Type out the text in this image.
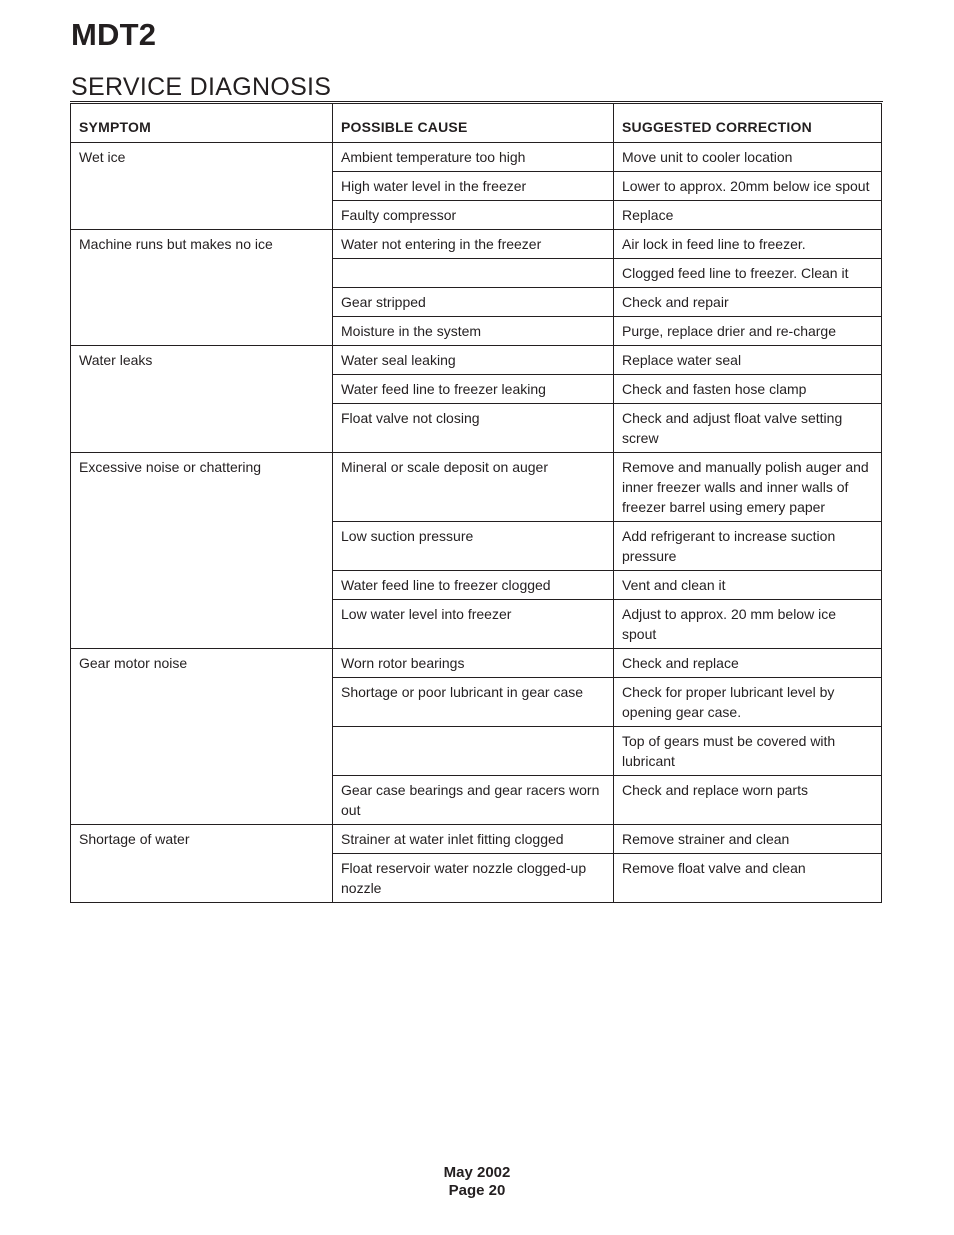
MDT2
SERVICE DIAGNOSIS
SYMPTOM	POSSIBLE CAUSE	SUGGESTED CORRECTION
Wet ice	Ambient temperature too high	Move unit to cooler location
	High water level in the freezer	Lower to approx. 20mm below ice spout
	Faulty compressor	Replace
Machine runs but makes no ice	Water not entering in the freezer	Air lock in feed line to freezer.
		Clogged feed line to freezer. Clean it
	Gear stripped	Check and repair
	Moisture in the system	Purge, replace drier and re-charge
Water leaks	Water seal leaking	Replace water seal
	Water feed line to freezer leaking	Check and fasten hose clamp
	Float valve not closing	Check and adjust float valve setting screw
Excessive noise or chattering	Mineral or scale deposit on auger	Remove and manually polish auger and inner freezer walls and inner walls of freezer barrel using emery paper
	Low suction pressure	Add refrigerant to increase suction pressure
	Water feed line to freezer clogged	Vent and clean it
	Low water level into freezer	Adjust to approx. 20 mm below ice spout
Gear motor noise	Worn rotor bearings	Check and replace
	Shortage or poor lubricant in gear case	Check for proper lubricant level by opening gear case.
		Top of gears must be covered with lubricant
	Gear case bearings and gear racers worn out	Check and replace worn parts
Shortage of water	Strainer at water inlet fitting clogged	Remove strainer and clean
	Float reservoir water nozzle clogged-up nozzle	Remove float valve and clean
May 2002
Page 20
